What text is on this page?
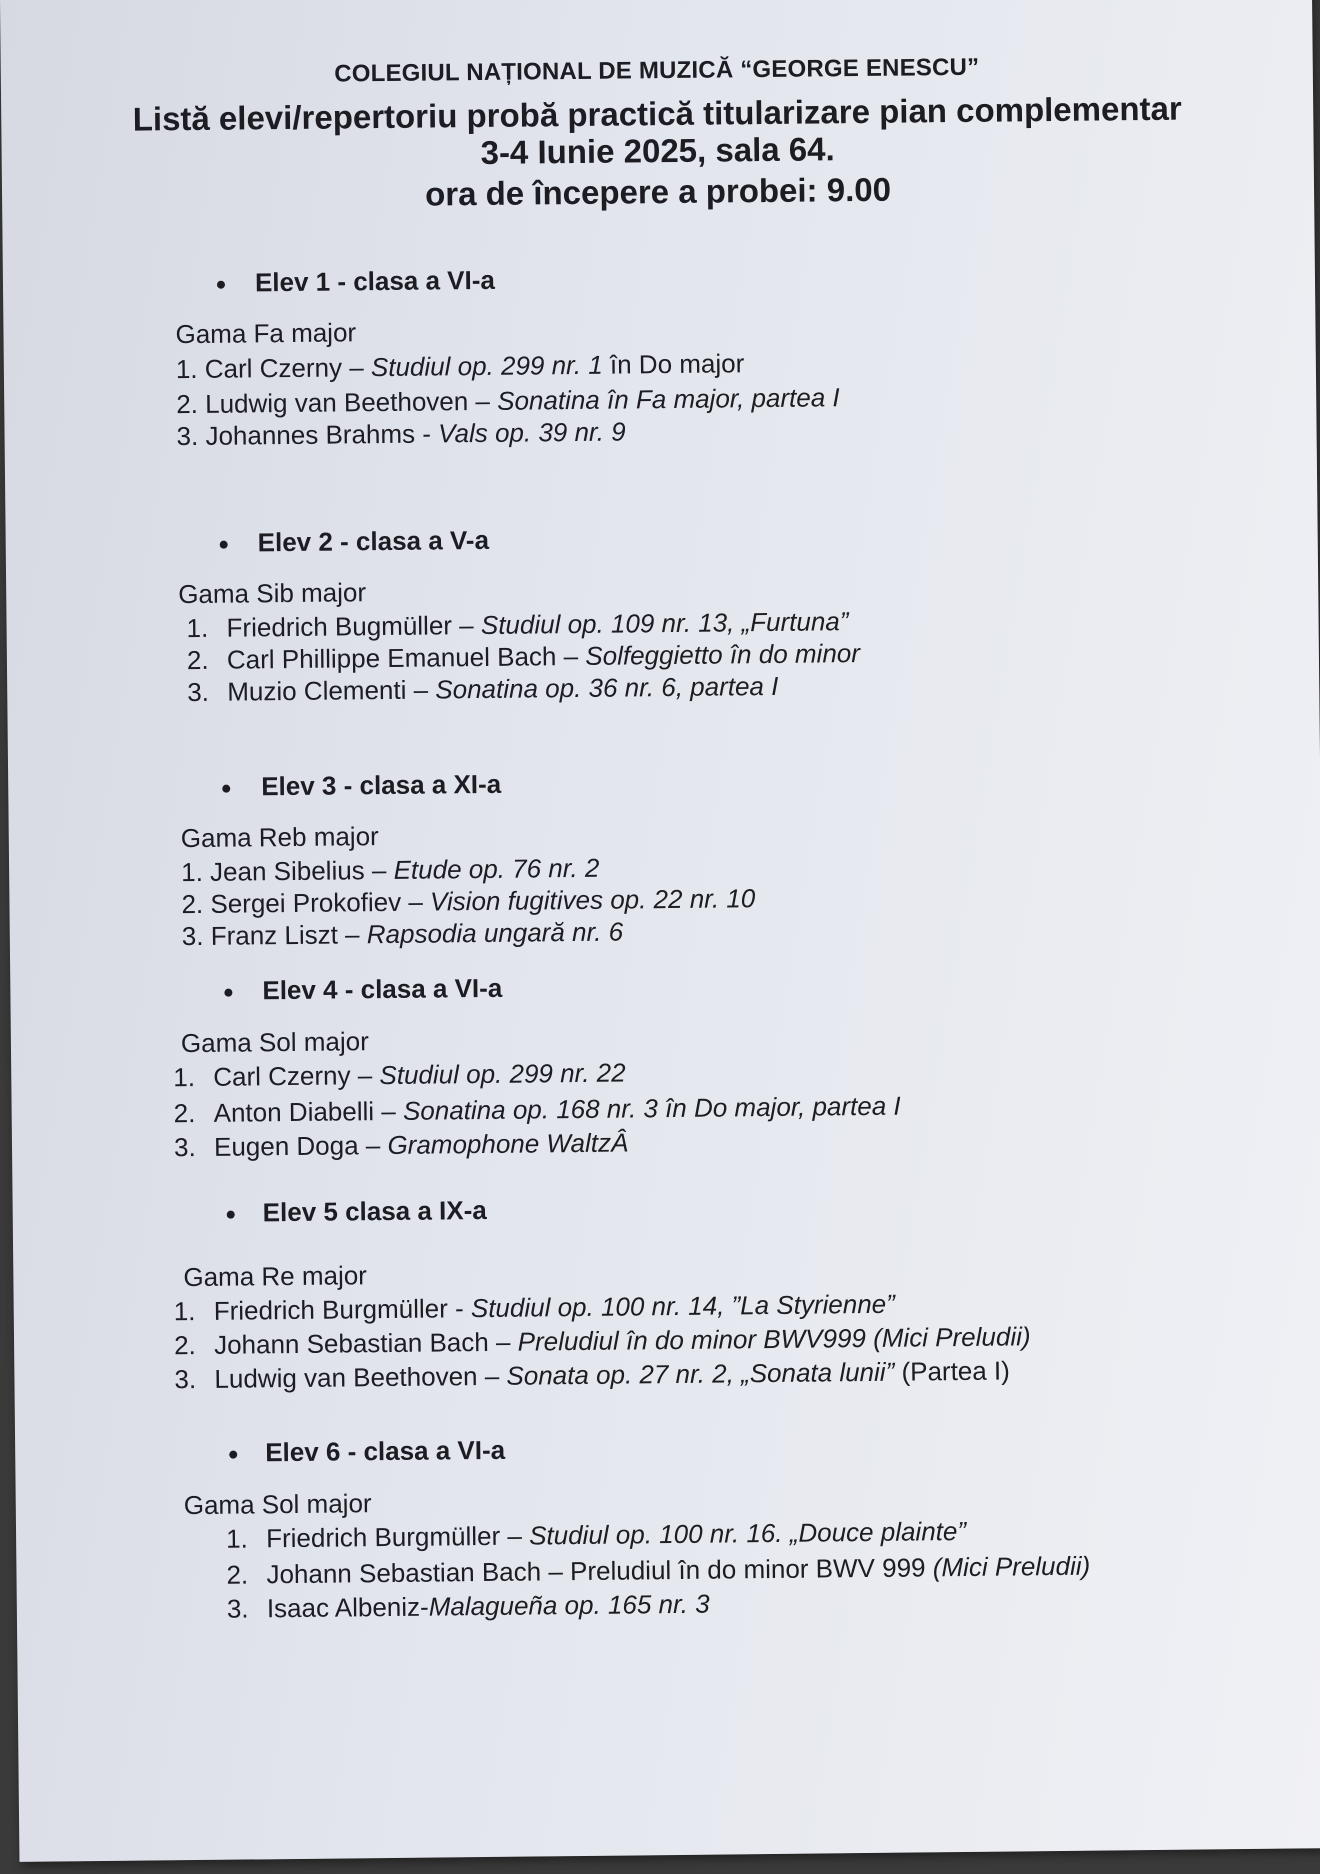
COLEGIUL NAȚIONAL DE MUZICĂ “GEORGE ENESCU”
Listă elevi/repertoriu probă practică titularizare pian complementar
3-4 Iunie 2025, sala 64.
ora de începere a probei: 9.00
Elev 1 - clasa a VI-a
Gama Fa major
1. Carl Czerny – Studiul op. 299 nr. 1 în Do major
2. Ludwig van Beethoven – Sonatina în Fa major, partea I
3. Johannes Brahms - Vals op. 39 nr. 9
Elev 2 - clasa a V-a
Gama Sib major
1. Friedrich Bugmüller – Studiul op. 109 nr. 13, „Furtuna”
2. Carl Phillippe Emanuel Bach – Solfeggietto în do minor
3. Muzio Clementi – Sonatina op. 36 nr. 6, partea I
Elev 3 - clasa a XI-a
Gama Reb major
1. Jean Sibelius – Etude op. 76 nr. 2
2. Sergei Prokofiev – Vision fugitives op. 22 nr. 10
3. Franz Liszt – Rapsodia ungară nr. 6
Elev 4 - clasa a VI-a
Gama Sol major
1. Carl Czerny – Studiul op. 299 nr. 22
2. Anton Diabelli – Sonatina op. 168 nr. 3 în Do major, partea I
3. Eugen Doga – Gramophone WaltzÂ
Elev 5 clasa a IX-a
Gama Re major
1. Friedrich Burgmüller - Studiul op. 100 nr. 14, ”La Styrienne”
2. Johann Sebastian Bach – Preludiul în do minor BWV999 (Mici Preludii)
3. Ludwig van Beethoven – Sonata op. 27 nr. 2, „Sonata lunii” (Partea I)
Elev 6 - clasa a VI-a
Gama Sol major
1. Friedrich Burgmüller – Studiul op. 100 nr. 16. „Douce plainte”
2. Johann Sebastian Bach – Preludiul în do minor BWV 999 (Mici Preludii)
3. Isaac Albeniz-Malagueña op. 165 nr. 3
